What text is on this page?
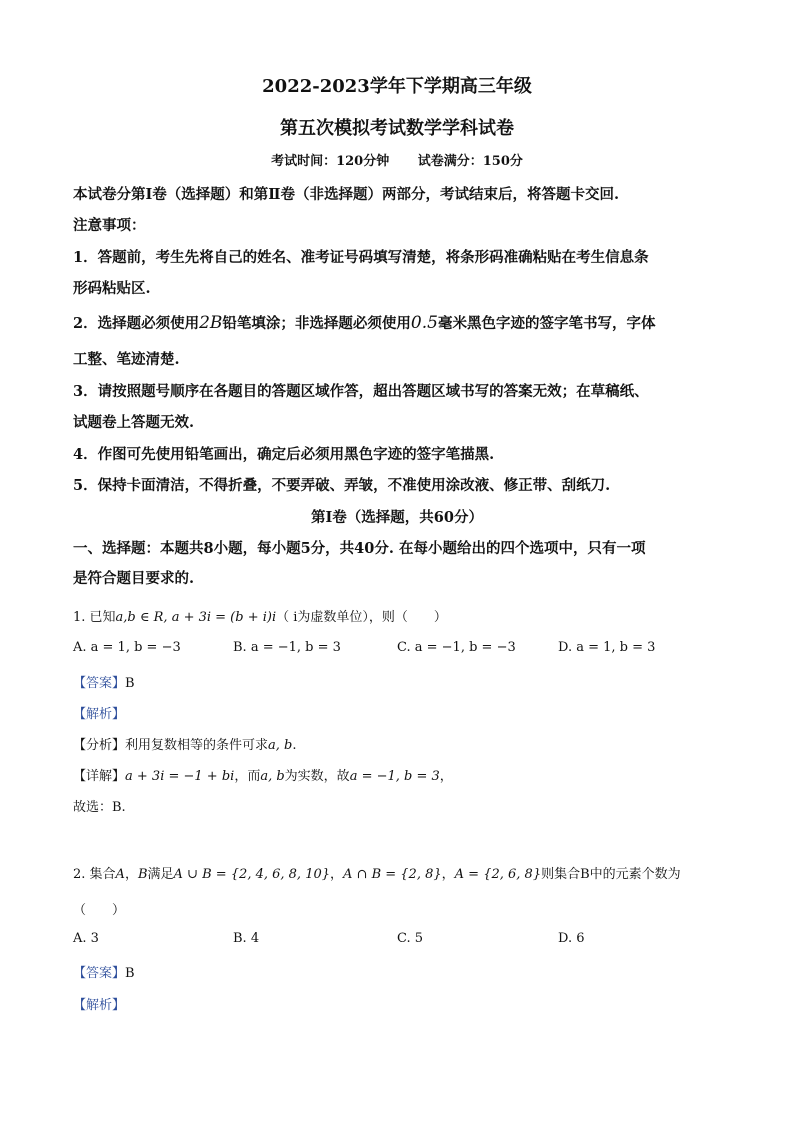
2022-2023学年下学期高三年级
第五次模拟考试数学学科试卷
考试时间：120分钟 试卷满分：150分
本试卷分第Ⅰ卷（选择题）和第Ⅱ卷（非选择题）两部分，考试结束后，将答题卡交回.
注意事项：
1．答题前，考生先将自己的姓名、准考证号码填写清楚，将条形码准确粘贴在考生信息条
形码粘贴区.
2．选择题必须使用2B铅笔填涂；非选择题必须使用0.5毫米黑色字迹的签字笔书写，字体
工整、笔迹清楚.
3．请按照题号顺序在各题目的答题区域作答，超出答题区域书写的答案无效；在草稿纸、
试题卷上答题无效.
4．作图可先使用铅笔画出，确定后必须用黑色字迹的签字笔描黑.
5．保持卡面清洁，不得折叠，不要弄破、弄皱，不准使用涂改液、修正带、刮纸刀.
第Ⅰ卷（选择题，共60分）
一、选择题：本题共8小题，每小题5分，共40分. 在每小题给出的四个选项中，只有一项
是符合题目要求的.
1. 已知a,b ∈ R, a + 3i = (b + i)i（ i为虚数单位），则（　　）
A. a = 1, b = −3	B. a = −1, b = 3	C. a = −1, b = −3	D. a = 1, b = 3
【答案】B
【解析】
【分析】利用复数相等的条件可求a, b.
【详解】a + 3i = −1 + bi，而a, b为实数，故a = −1, b = 3，
故选：B.
2. 集合A，B满足A ∪ B = {2, 4, 6, 8, 10}，A ∩ B = {2, 8}，A = {2, 6, 8}则集合B中的元素个数为
（　　）
A. 3	B. 4	C. 5	D. 6
【答案】B
【解析】
